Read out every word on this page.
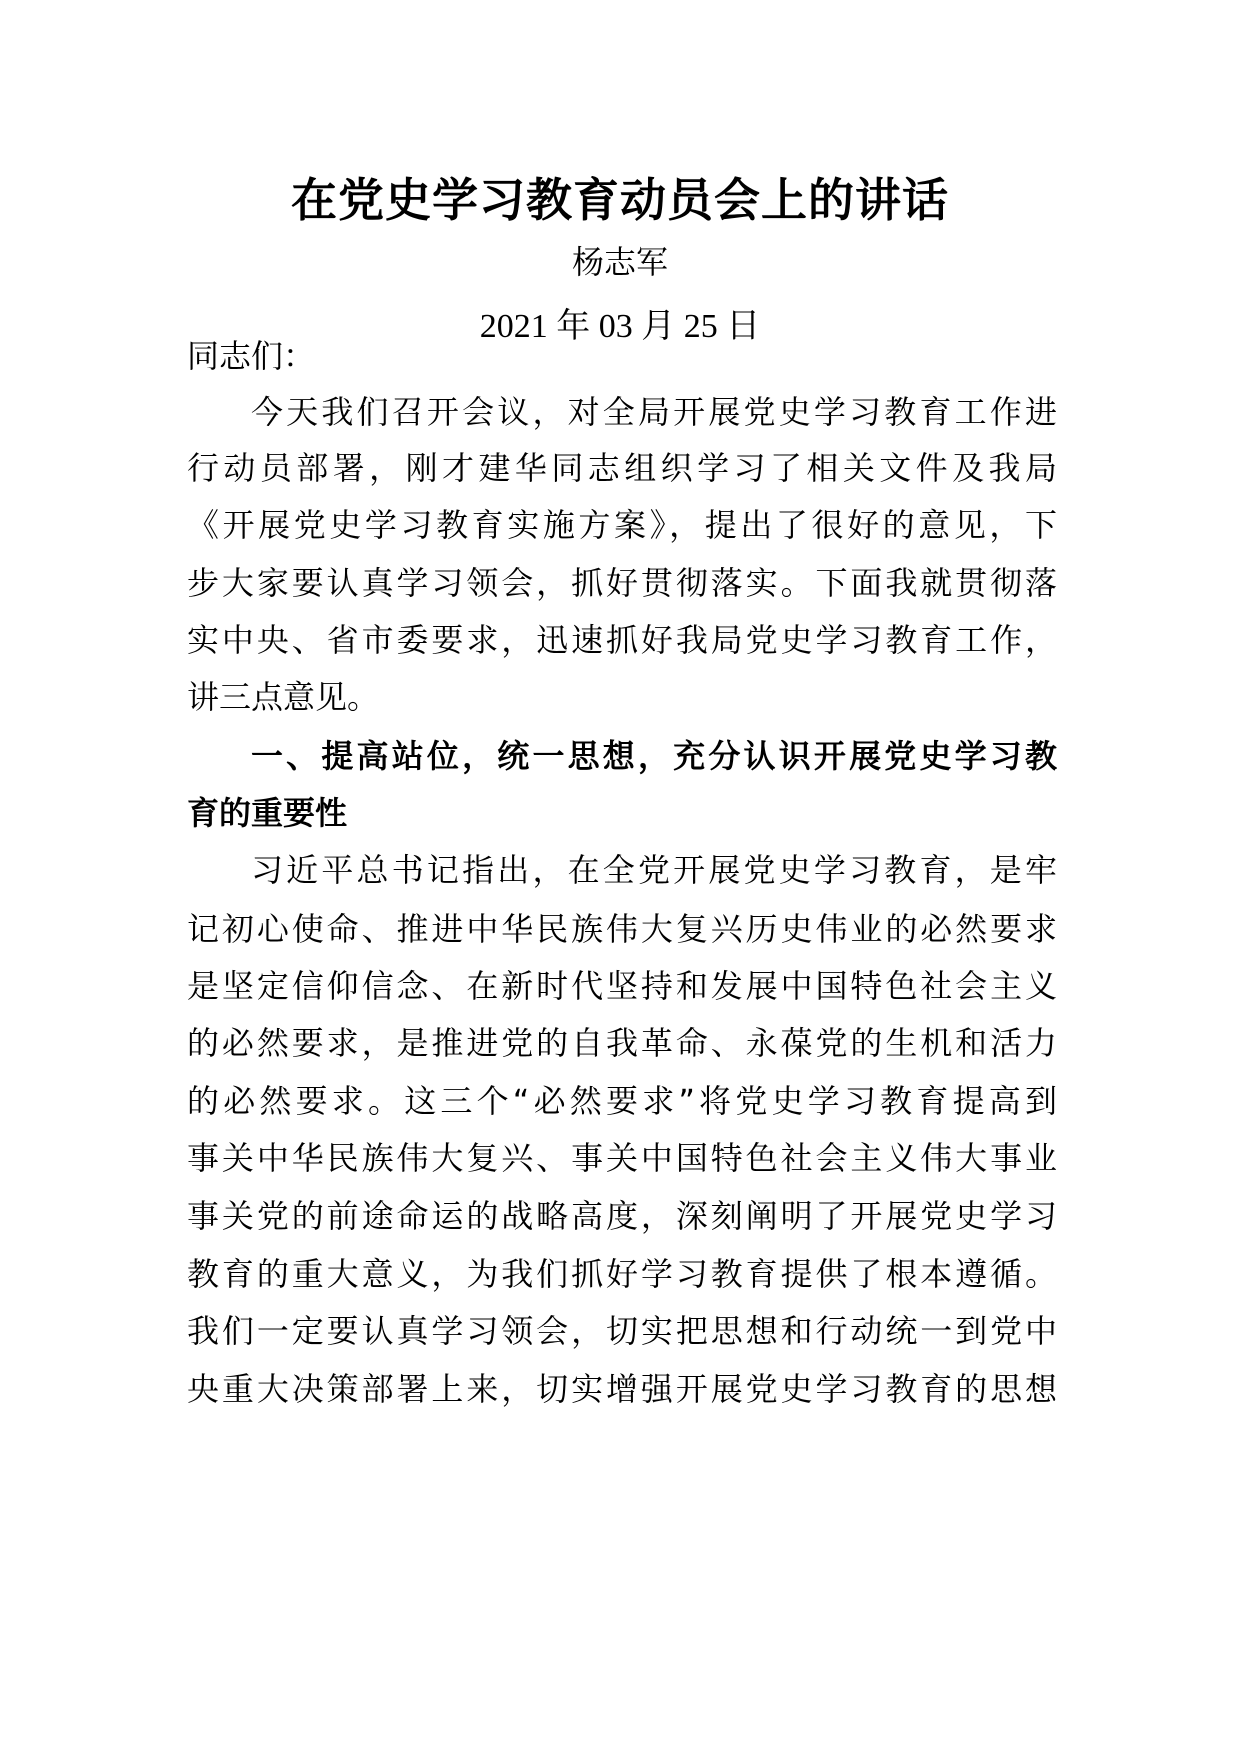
在党史学习教育动员会上的讲话
杨志军
2021 年 03 月 25 日
同志们：
今天我们召开会议，对全局开展党史学习教育工作进
行动员部署，刚才建华同志组织学习了相关文件及我局
《开展党史学习教育实施方案》，提出了很好的意见，下
步大家要认真学习领会，抓好贯彻落实。下面我就贯彻落
实中央、省市委要求，迅速抓好我局党史学习教育工作，
讲三点意见。
一、提高站位，统一思想，充分认识开展党史学习教
育的重要性
习近平总书记指出，在全党开展党史学习教育，是牢
记初心使命、推进中华民族伟大复兴历史伟业的必然要求
是坚定信仰信念、在新时代坚持和发展中国特色社会主义
的必然要求，是推进党的自我革命、永葆党的生机和活力
的必然要求。这三个“必然要求”将党史学习教育提高到
事关中华民族伟大复兴、事关中国特色社会主义伟大事业
事关党的前途命运的战略高度，深刻阐明了开展党史学习
教育的重大意义，为我们抓好学习教育提供了根本遵循。
我们一定要认真学习领会，切实把思想和行动统一到党中
央重大决策部署上来，切实增强开展党史学习教育的思想
